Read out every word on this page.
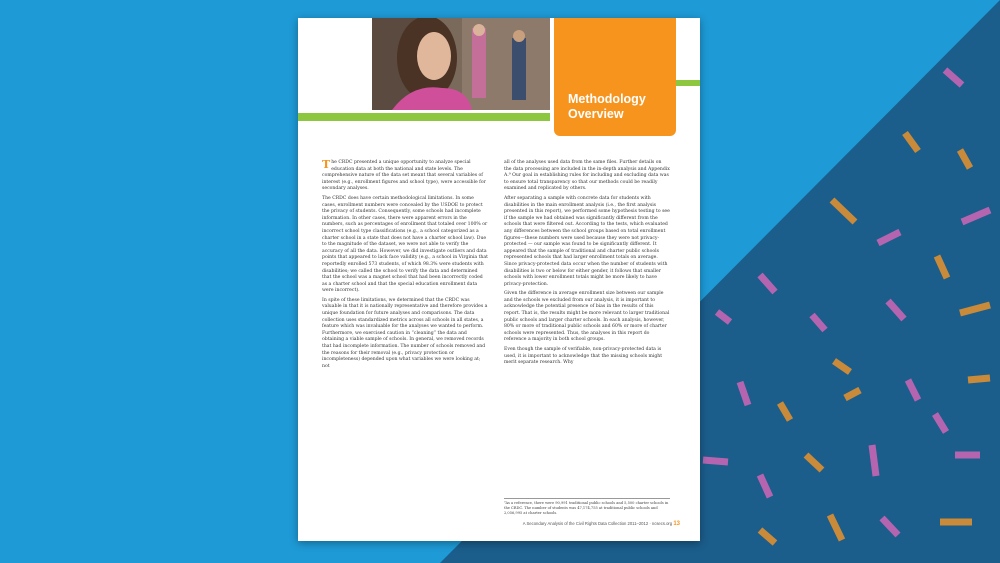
Methodology
Overview

The CRDC presented a unique opportunity to analyze special education data at both the national and state levels. The comprehensive nature of the data set meant that several variables of interest (e.g., enrollment figures and school type), were accessible for secondary analyses.

The CRDC does have certain methodological limitations. In some cases, enrollment numbers were concealed by the USDOE to protect the privacy of students. Consequently, some schools had incomplete information. In other cases, there were apparent errors in the numbers, such as percentages of enrollment that totaled over 100% or incorrect school type classifications (e.g., a school categorized as a charter school in a state that does not have a charter school law). Due to the magnitude of the dataset, we were not able to verify the accuracy of all the data. However, we did investigate outliers and data points that appeared to lack face validity (e.g., a school in Virginia that reportedly enrolled 573 students, of which 98.3% were students with disabilities; we called the school to verify the data and determined that the school was a magnet school that had been incorrectly coded as a charter school and that the special education enrollment data were incorrect).

In spite of these limitations, we determined that the CRDC was valuable in that it is nationally representative and therefore provides a unique foundation for future analyses and comparisons. The data collection uses standardized metrics across all schools in all states, a feature which was invaluable for the analyses we wanted to perform. Furthermore, we exercised caution in “cleaning” the data and obtaining a viable sample of schools. In general, we removed records that had incomplete information. The number of schools removed and the reasons for their removal (e.g., privacy protection or incompleteness) depended upon what variables we were looking at; not

all of the analyses used data from the same files. Further details on the data processing are included in the in-depth analysis and Appendix A.⁹ Our goal in establishing rules for including and excluding data was to ensure total transparency so that our methods could be readily examined and replicated by others.

After separating a sample with concrete data for students with disabilities in the main enrollment analysis (i.e., the first analysis presented in this report), we performed some hypothesis testing to see if the sample we had obtained was significantly different from the schools that were filtered out. According to the tests, which evaluated any differences between the school groups based on total enrollment figures—these numbers were used because they were not privacy-protected — our sample was found to be significantly different. It appeared that the sample of traditional and charter public schools represented schools that had larger enrollment totals on average. Since privacy-protected data occur when the number of students with disabilities is two or below for either gender, it follows that smaller schools with lower enrollment totals might be more likely to have privacy-protection.

Given the difference in average enrollment size between our sample and the schools we excluded from our analysis, it is important to acknowledge the potential presence of bias in the results of this report. That is, the results might be more relevant to larger traditional public schools and larger charter schools. In each analysis, however, 80% or more of traditional public schools and 60% or more of charter schools were represented. Thus, the analyses in this report do reference a majority in both school groups.

Even though the sample of verifiable, non-privacy-protected data is used, it is important to acknowledge that the missing schools might merit separate research. Why

⁹As a reference, there were 90,991 traditional public schools and 5,500 charter schools in the CRDC. The number of students was 47,174,755 at traditional public schools and 2,056,995 at charter schools.
A Secondary Analysis of the Civil Rights Data Collection 2011–2012 · ncsecs.org 13
